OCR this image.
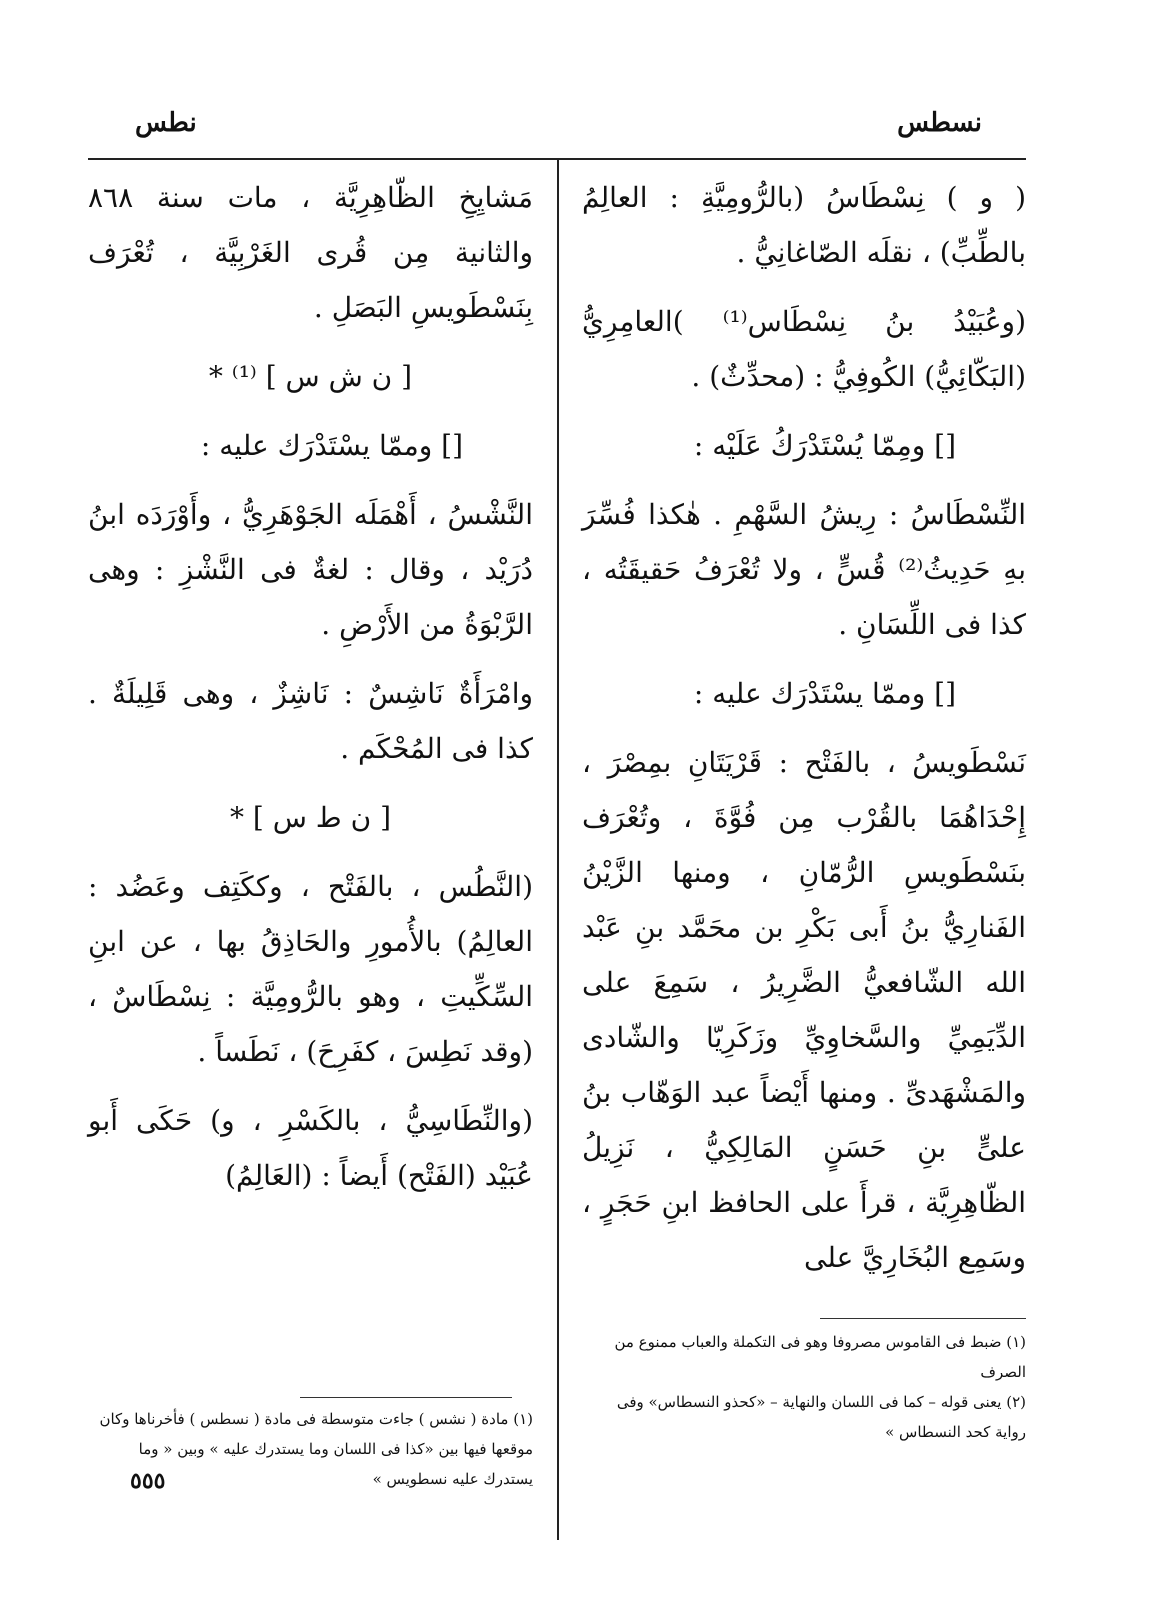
نسطس

نطس

( و ) نِسْطَاسُ (بالرُّومِيَّةِ : العالِمُ بالطِّبِّ) ، نقلَه الصّاغانِيُّ .

(وعُبَيْدُ بنُ نِسْطَاس⁽¹⁾ )العامِرِيُّ (البَكّائِيُّ) الكُوفِيُّ : (محدِّثٌ) .

[] ومِمّا يُسْتَدْرَكُ عَلَيْه :

النِّسْطَاسُ : رِيشُ السَّهْمِ . هٰكذا فُسِّرَ بهِ حَدِيثُ⁽²⁾ قُسٍّ ، ولا تُعْرَفُ حَقيقَتُه ، كذا فى اللِّسَانِ .

[] وممّا يسْتَدْرَك عليه :

نَسْطَويسُ ، بالفَتْح : قَرْيَتَانِ بمِصْرَ ، إِحْدَاهُمَا بالقُرْب مِن فُوَّةَ ، وتُعْرَف بنَسْطَويسِ الرُّمّانِ ، ومنها الزَّيْنُ الفَنارِيُّ بنُ أَبى بَكْرِ بن محَمَّد بنِ عَبْد الله الشّافعيُّ الضَّرِيرُ ، سَمِعَ على الدِّيَمِيِّ والسَّخاوِيِّ وزَكَرِيّا والشّادى والمَشْهَدىِّ . ومنها أَيْضاً عبد الوَهّاب بنُ علىٍّ بنِ حَسَنٍ المَالِكِيُّ ، نَزِيلُ الظّاهِرِيَّة ، قرأَ على الحافظ ابنِ حَجَرٍ ، وسَمِع البُخَارِيَّ على

مَشايِخِ الظّاهِرِيَّة ، مات سنة ٨٦٨ والثانية مِن قُرى الغَرْبِيَّة ، تُعْرَف بِنَسْطَويسِ البَصَلِ .

[ ن ش س ] ⁽¹⁾ *

[] وممّا يسْتَدْرَك عليه :

النَّشْسُ ، أَهْمَلَه الجَوْهَرِيُّ ، وأَوْرَدَه ابنُ دُرَيْد ، وقال : لغةٌ فى النَّشْزِ : وهى الرَّبْوَةُ من الأَرْضِ .

وامْرَأَةٌ نَاشِسٌ : نَاشِزٌ ، وهى قَلِيلَةٌ . كذا فى المُحْكَم .

[ ن ط س ] *

(النَّطُس ، بالفَتْح ، وككَتِف وعَضُد : العالِمُ) بالأُمورِ والحَاذِقُ بها ، عن ابنِ السِّكِّيتِ ، وهو بالرُّومِيَّة : نِسْطَاسٌ ، (وقد نَطِسَ ، كفَرِحَ) ، نَطَساً .

(والنِّطَاسِيُّ ، بالكَسْرِ ، و) حَكَى أَبو عُبَيْد (الفَتْح) أَيضاً : (العَالِمُ)

(١) ضبط فى القاموس مصروفا وهو فى التكملة والعباب ممنوع من الصرف

(٢) يعنى قوله – كما فى اللسان والنهاية – «كحذو النسطاس» وفى رواية كحد النسطاس »

(١) مادة ( نشس ) جاءت متوسطة فى مادة ( نسطس ) فأخرناها وكان موقعها فيها بين «كذا فى اللسان وما يستدرك عليه » وبين « وما يستدرك عليه نسطويس »

٥٥٥
